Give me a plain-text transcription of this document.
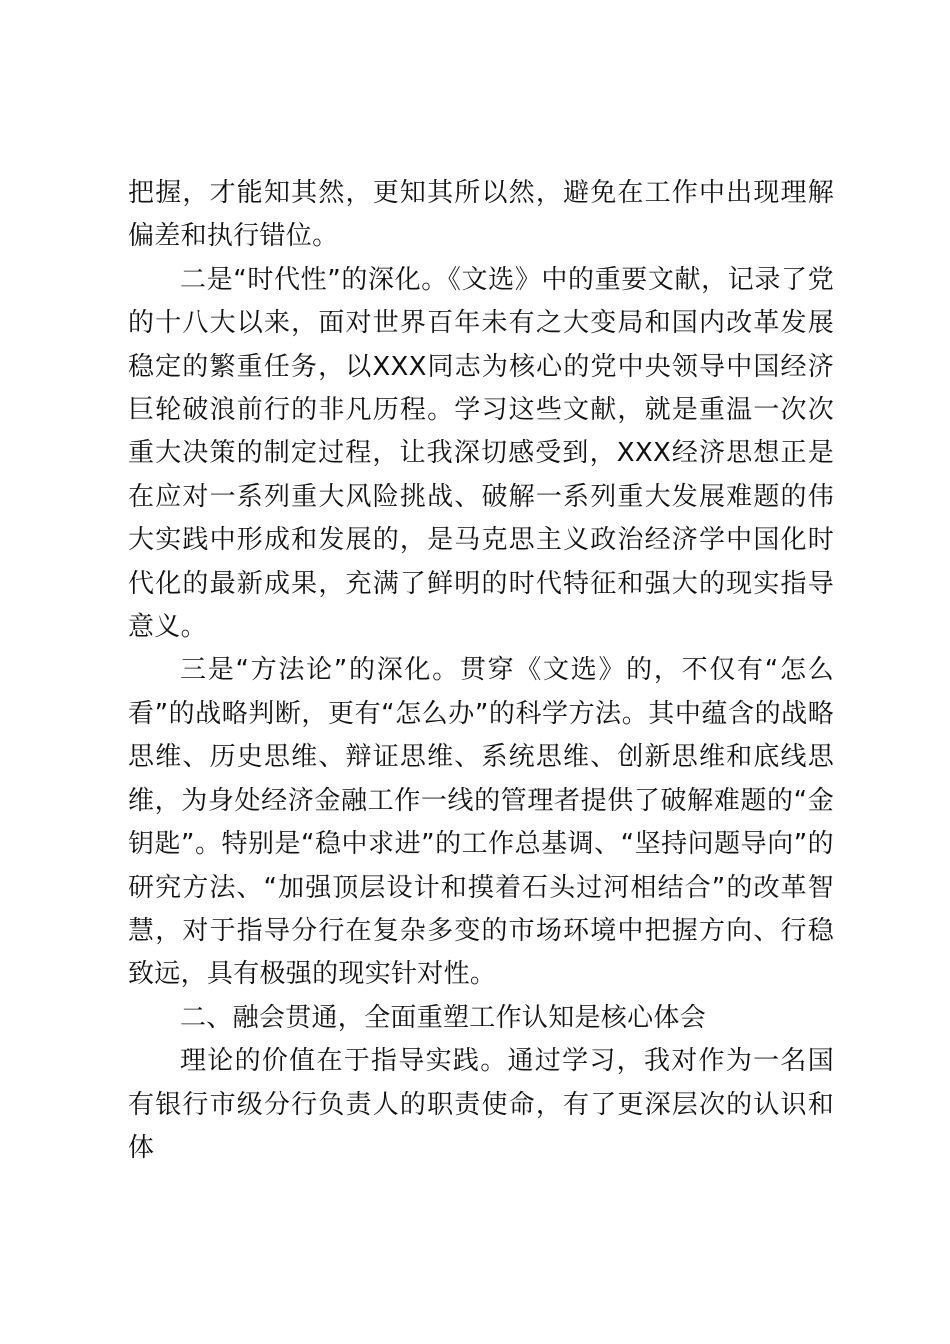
把握，才能知其然，更知其所以然，避免在工作中出现理解偏差和执行错位。

二是“时代性”的深化。《文选》中的重要文献，记录了党的十八大以来，面对世界百年未有之大变局和国内改革发展稳定的繁重任务，以XXX同志为核心的党中央领导中国经济巨轮破浪前行的非凡历程。学习这些文献，就是重温一次次重大决策的制定过程，让我深切感受到，XXX经济思想正是在应对一系列重大风险挑战、破解一系列重大发展难题的伟大实践中形成和发展的，是马克思主义政治经济学中国化时代化的最新成果，充满了鲜明的时代特征和强大的现实指导意义。

三是“方法论”的深化。贯穿《文选》的，不仅有“怎么看”的战略判断，更有“怎么办”的科学方法。其中蕴含的战略思维、历史思维、辩证思维、系统思维、创新思维和底线思维，为身处经济金融工作一线的管理者提供了破解难题的“金钥匙”。特别是“稳中求进”的工作总基调、“坚持问题导向”的研究方法、“加强顶层设计和摸着石头过河相结合”的改革智慧，对于指导分行在复杂多变的市场环境中把握方向、行稳致远，具有极强的现实针对性。

二、融会贯通，全面重塑工作认知是核心体会

理论的价值在于指导实践。通过学习，我对作为一名国有银行市级分行负责人的职责使命，有了更深层次的认识和体
